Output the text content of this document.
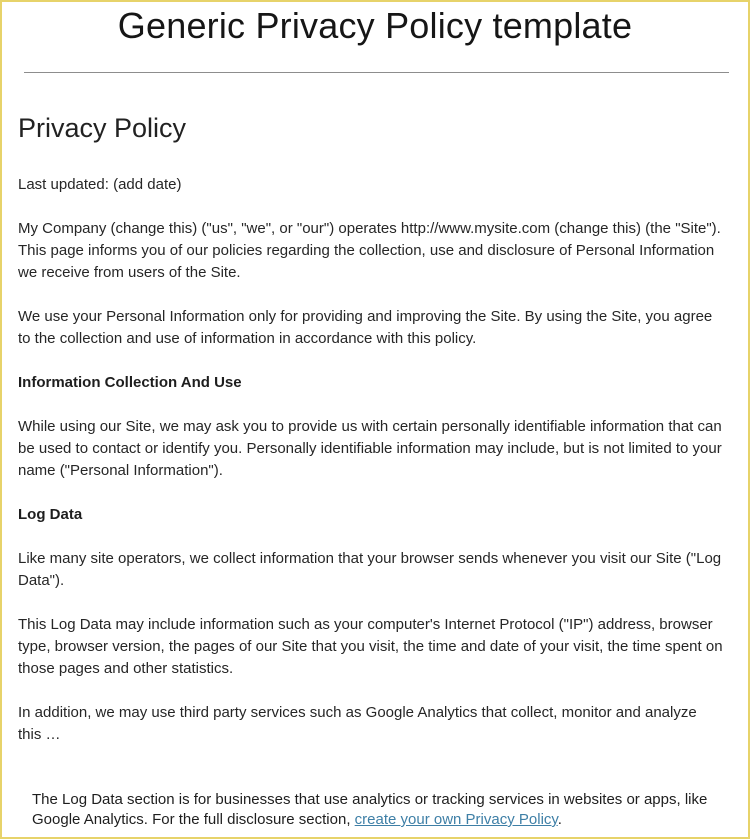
Generic Privacy Policy template
Privacy Policy

Last updated: (add date)

My Company (change this) ("us", "we", or "our") operates http://www.mysite.com (change this) (the "Site"). This page informs you of our policies regarding the collection, use and disclosure of Personal Information we receive from users of the Site.

We use your Personal Information only for providing and improving the Site. By using the Site, you agree to the collection and use of information in accordance with this policy.

Information Collection And Use

While using our Site, we may ask you to provide us with certain personally identifiable information that can be used to contact or identify you. Personally identifiable information may include, but is not limited to your name ("Personal Information").

Log Data

Like many site operators, we collect information that your browser sends whenever you visit our Site ("Log Data").

This Log Data may include information such as your computer's Internet Protocol ("IP") address, browser type, browser version, the pages of our Site that you visit, the time and date of your visit, the time spent on those pages and other statistics.

In addition, we may use third party services such as Google Analytics that collect, monitor and analyze this …

The Log Data section is for businesses that use analytics or tracking services in websites or apps, like Google Analytics. For the full disclosure section, create your own Privacy Policy.
